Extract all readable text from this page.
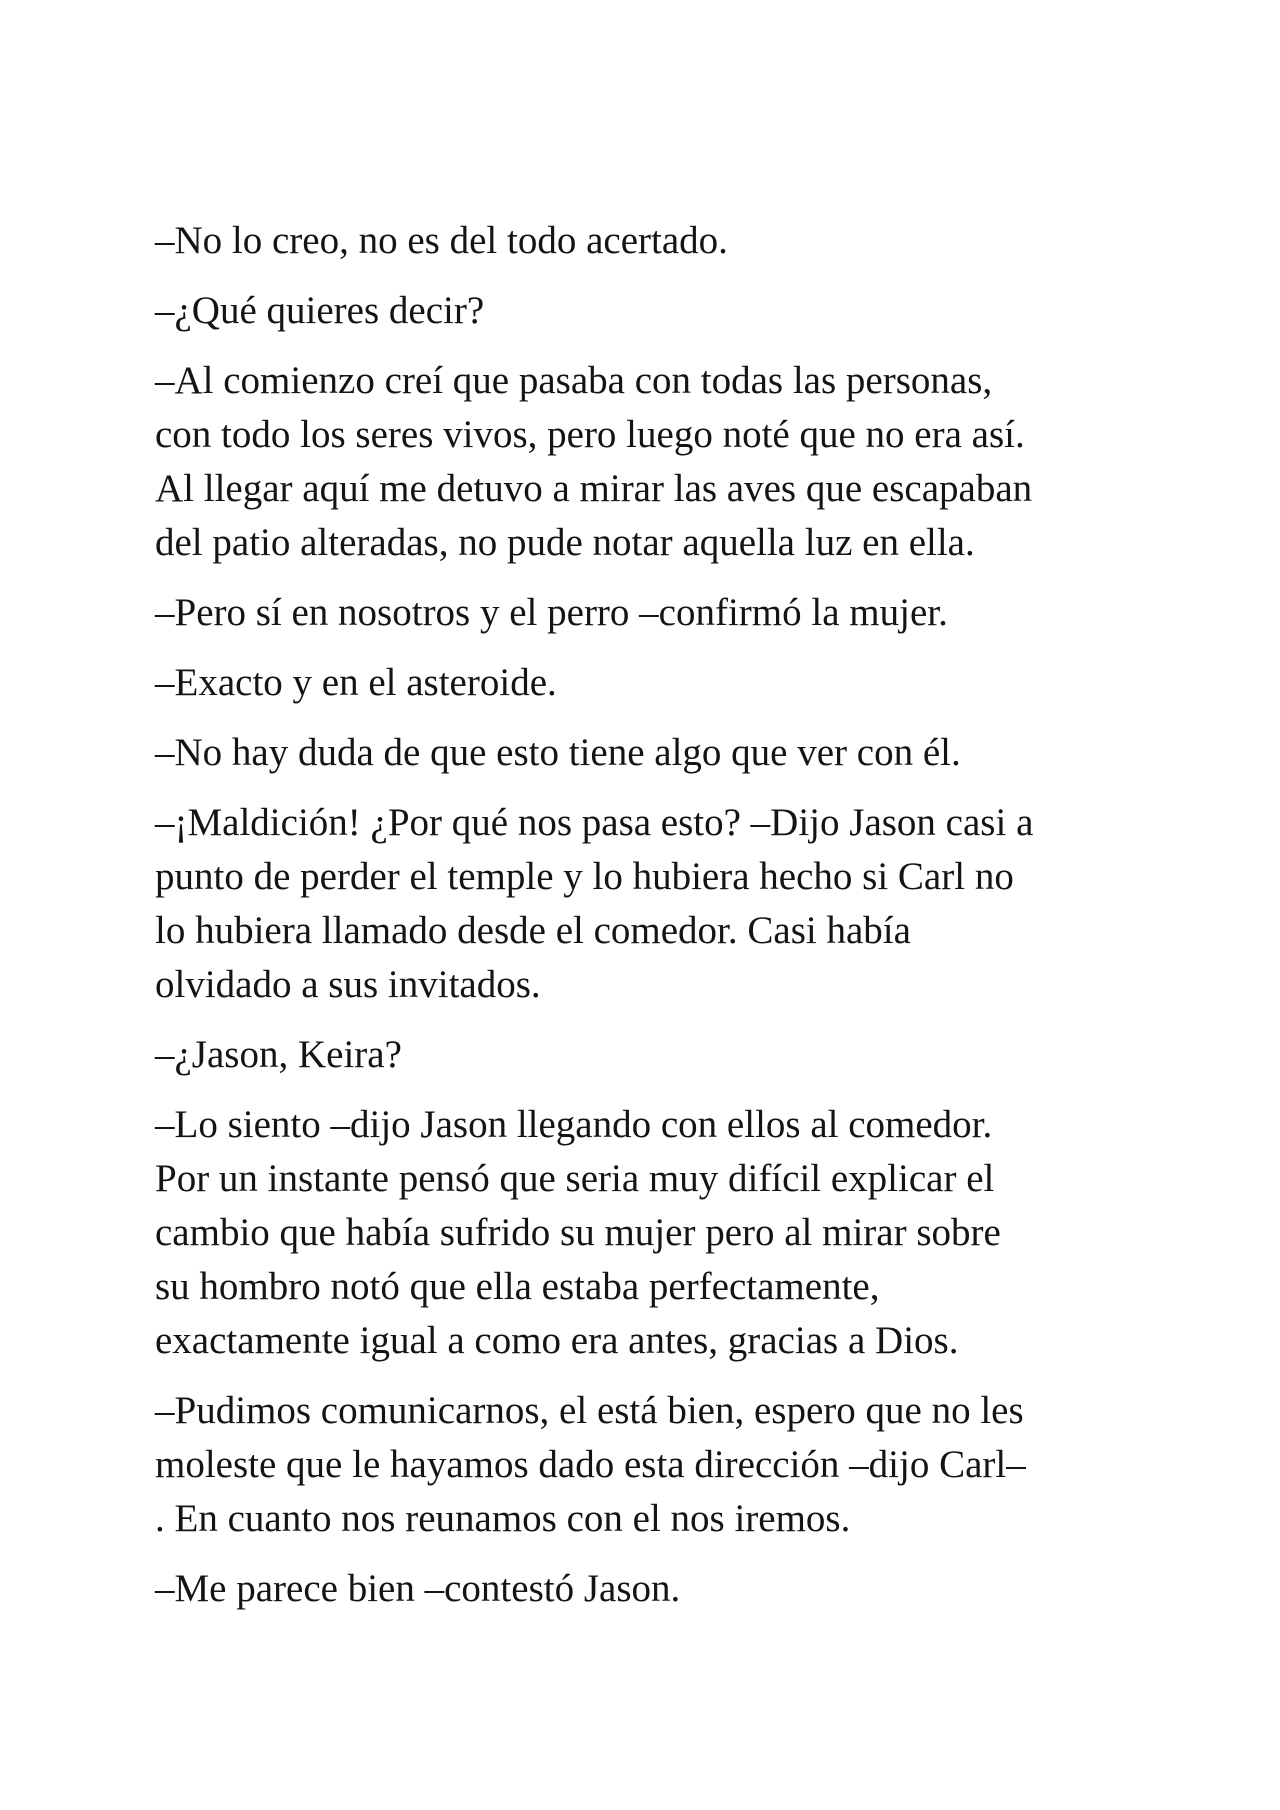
–No lo creo, no es del todo acertado.

–¿Qué quieres decir?

–Al comienzo creí que pasaba con todas las personas,
con todo los seres vivos, pero luego noté que no era así.
Al llegar aquí me detuvo a mirar las aves que escapaban
del patio alteradas, no pude notar aquella luz en ella.

–Pero sí en nosotros y el perro –confirmó la mujer.

–Exacto y en el asteroide.

–No hay duda de que esto tiene algo que ver con él.

–¡Maldición! ¿Por qué nos pasa esto? –Dijo Jason casi a
punto de perder el temple y lo hubiera hecho si Carl no
lo hubiera llamado desde el comedor. Casi había
olvidado a sus invitados.

–¿Jason, Keira?

–Lo siento –dijo Jason llegando con ellos al comedor.
Por un instante pensó que seria muy difícil explicar el
cambio que había sufrido su mujer pero al mirar sobre
su hombro notó que ella estaba perfectamente,
exactamente igual a como era antes, gracias a Dios.

–Pudimos comunicarnos, el está bien, espero que no les
moleste que le hayamos dado esta dirección –dijo Carl–
. En cuanto nos reunamos con el nos iremos.

–Me parece bien –contestó Jason.
